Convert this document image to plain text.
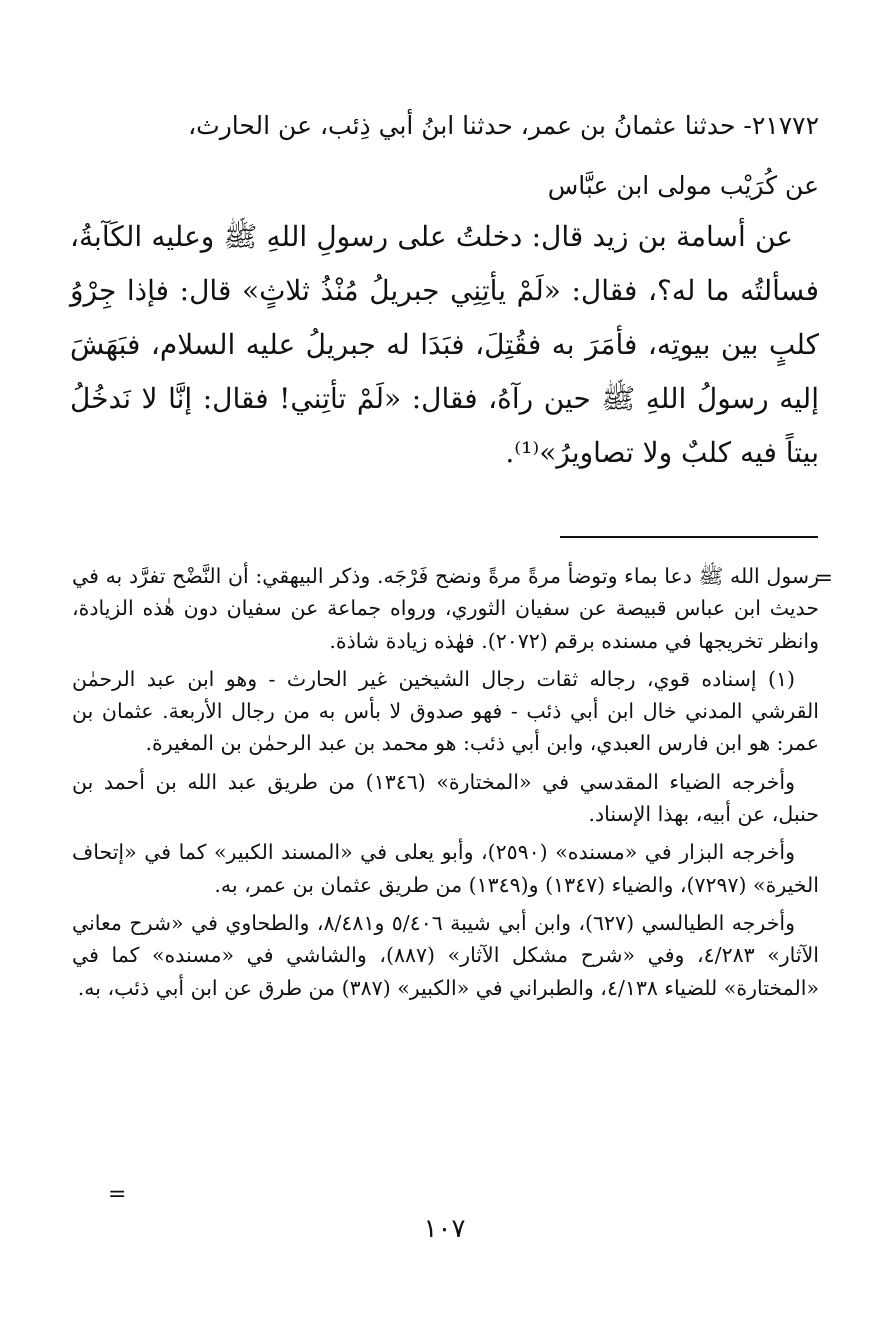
٢١٧٧٢- حدثنا عثمانُ بن عمر، حدثنا ابنُ أبي ذِئب، عن الحارث،

عن كُرَيْب مولى ابن عبَّاس

عن أسامة بن زيد قال: دخلتُ على رسولِ اللهِ ﷺ وعليه الكَآبةُ، فسألتُه ما له؟، فقال: «لَمْ يأتِنِي جبريلُ مُنْذُ ثلاثٍ» قال: فإذا جِرْوُ كلبٍ بين بيوتِه، فأمَرَ به فقُتِلَ، فبَدَا له جبريلُ عليه السلام، فبَهَشَ إليه رسولُ اللهِ ﷺ حين رآهُ، فقال: «لَمْ تأتِني! فقال: إنَّا لا نَدخُلُ بيتاً فيه كلبٌ ولا تصاويرُ»⁽¹⁾.

=

رسول الله ﷺ دعا بماء وتوضأ مرةً مرةً ونضح فَرْجَه. وذكر البيهقي: أن النَّضْح تفرَّد به في حديث ابن عباس قبيصة عن سفيان الثوري، ورواه جماعة عن سفيان دون هٰذه الزيادة، وانظر تخريجها في مسنده برقم (٢٠٧٢). فهٰذه زيادة شاذة.

(١) إسناده قوي، رجاله ثقات رجال الشيخين غير الحارث - وهو ابن عبد الرحمٰن القرشي المدني خال ابن أبي ذئب - فهو صدوق لا بأس به من رجال الأربعة. عثمان بن عمر: هو ابن فارس العبدي، وابن أبي ذئب: هو محمد بن عبد الرحمٰن بن المغيرة.

وأخرجه الضياء المقدسي في «المختارة» (١٣٤٦) من طريق عبد الله بن أحمد بن حنبل، عن أبيه، بهذا الإسناد.

وأخرجه البزار في «مسنده» (٢٥٩٠)، وأبو يعلى في «المسند الكبير» كما في «إتحاف الخيرة» (٧٢٩٧)، والضياء (١٣٤٧) و(١٣٤٩) من طريق عثمان بن عمر، به.

وأخرجه الطيالسي (٦٢٧)، وابن أبي شيبة ٥/٤٠٦ و٨/٤٨١، والطحاوي في «شرح معاني الآثار» ٤/٢٨٣، وفي «شرح مشكل الآثار» (٨٨٧)، والشاشي في «مسنده» كما في «المختارة» للضياء ٤/١٣٨، والطبراني في «الكبير» (٣٨٧) من طرق عن ابن أبي ذئب، به.

=
١٠٧
